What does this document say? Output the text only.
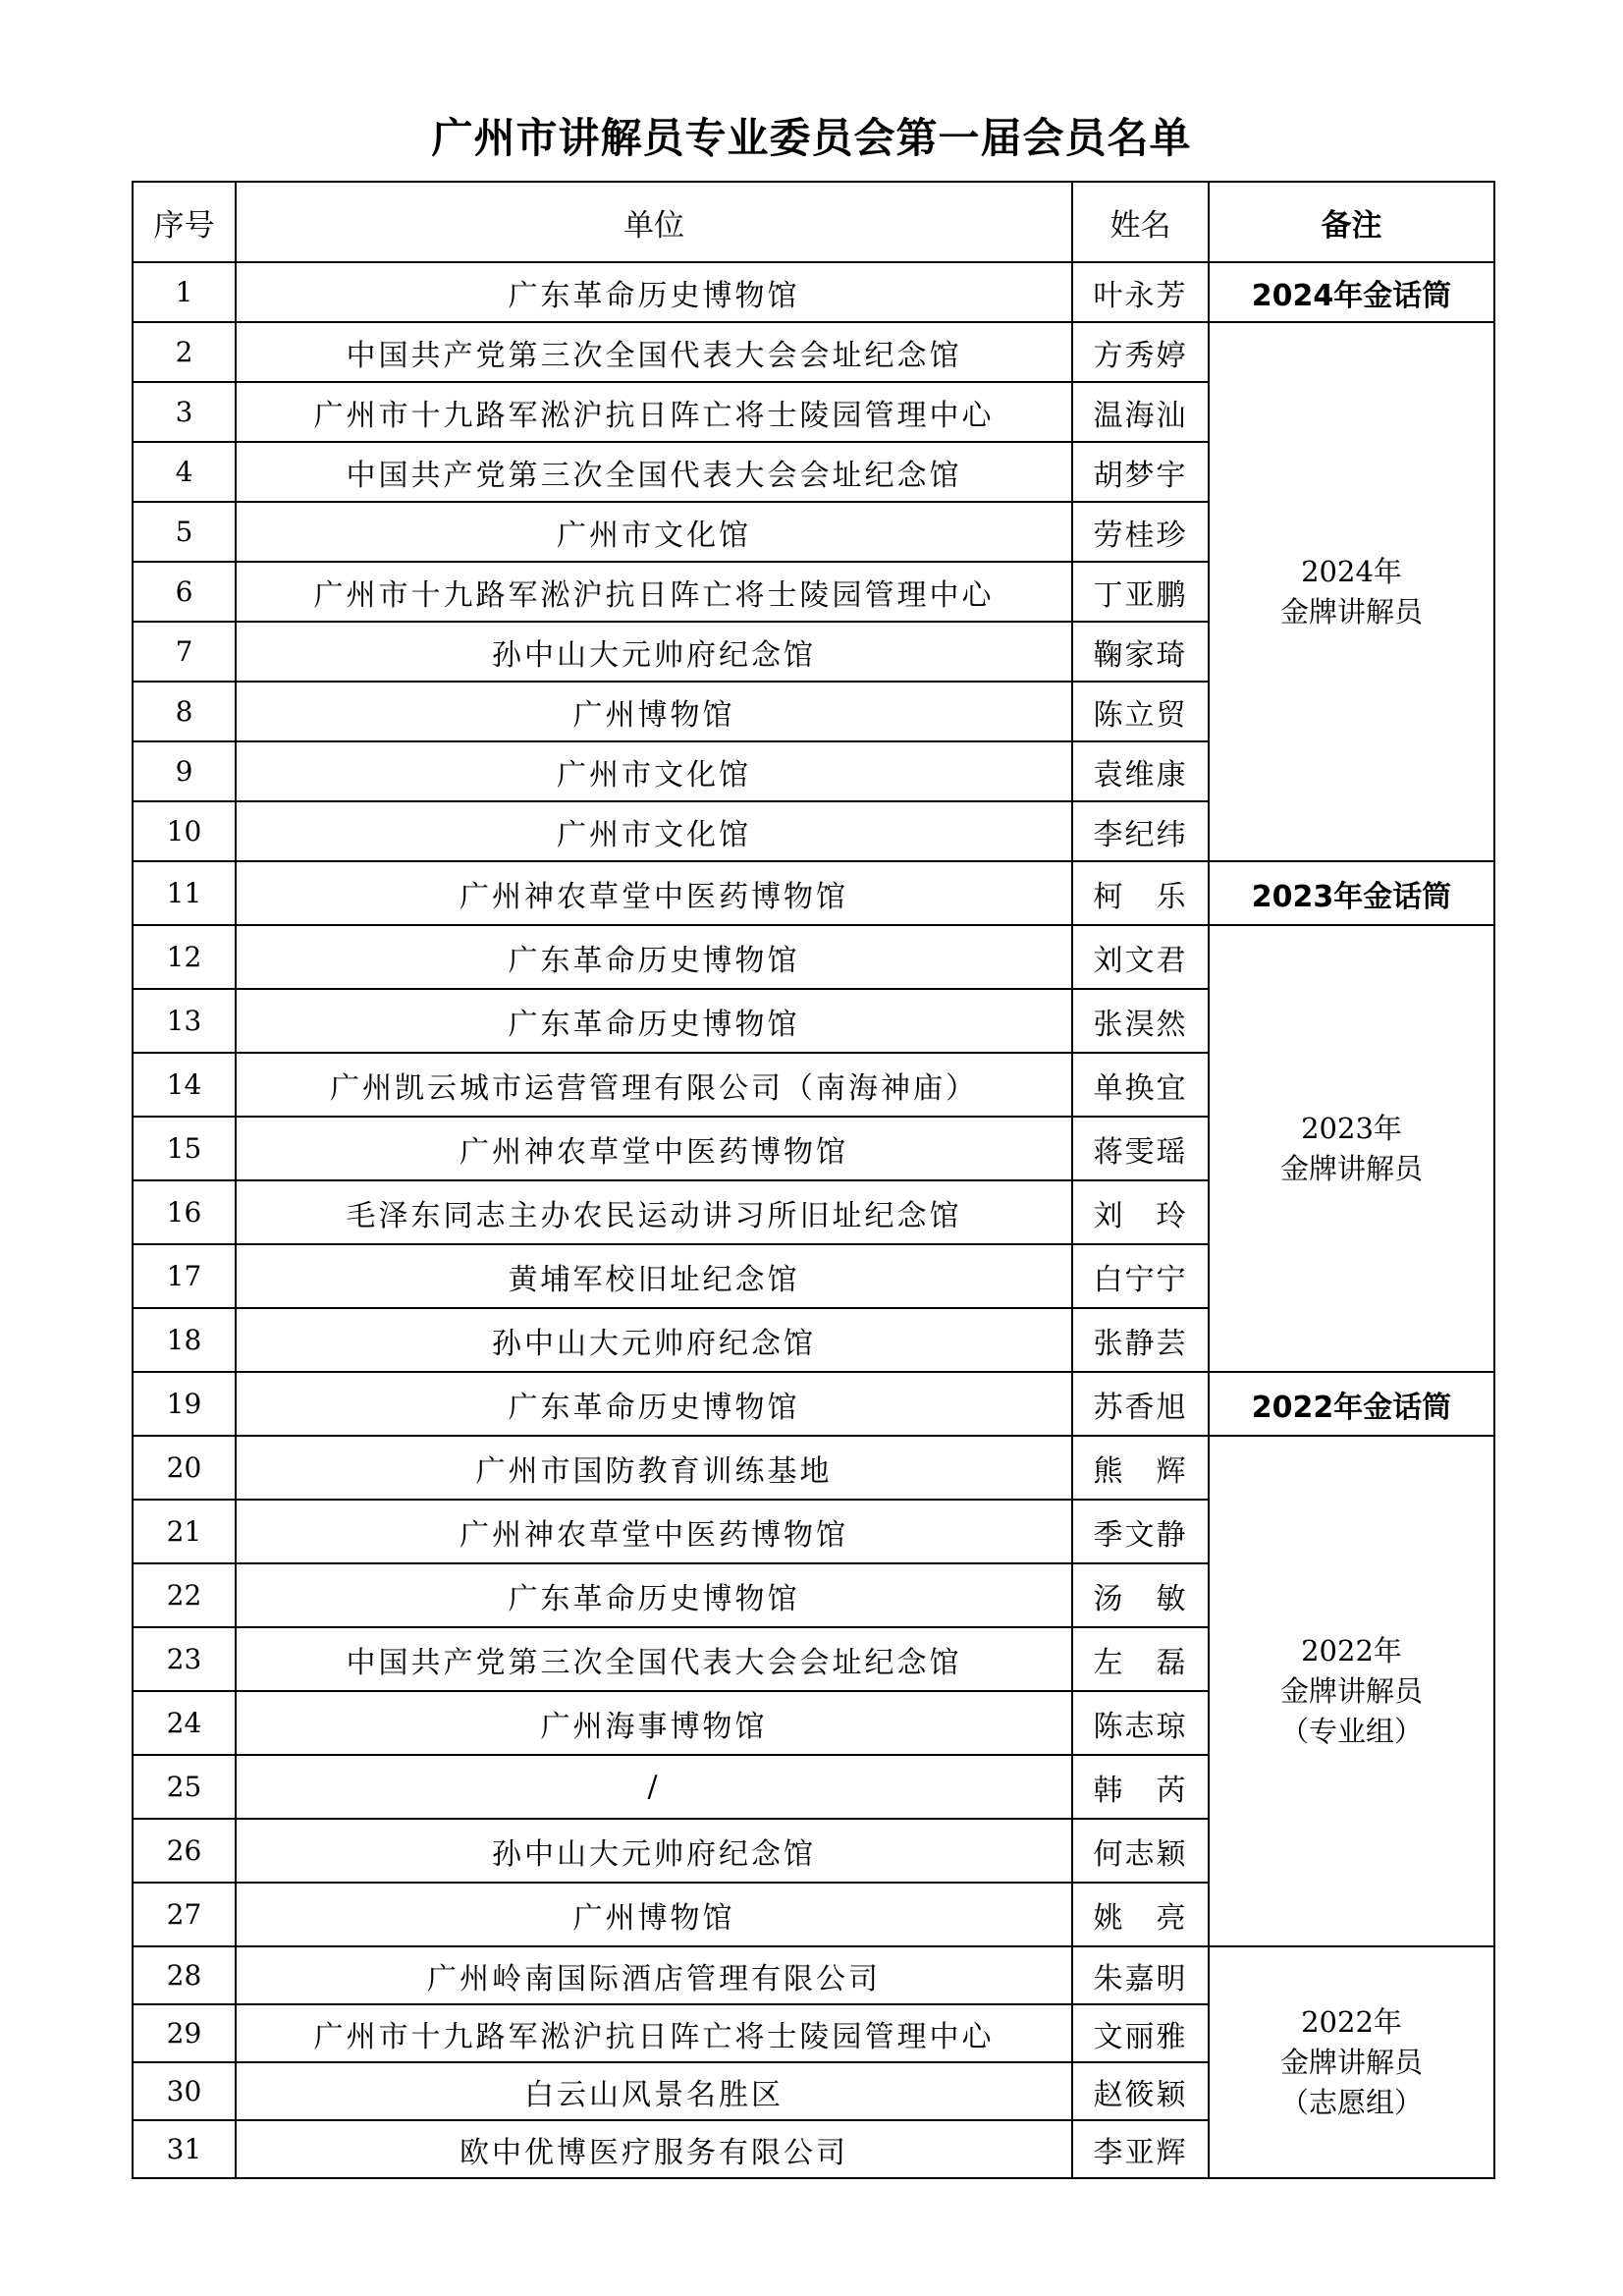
广州市讲解员专业委员会第一届会员名单
序号	单位	姓名	备注
1	广东革命历史博物馆	叶永芳	2024年金话筒
2	中国共产党第三次全国代表大会会址纪念馆	方秀婷	2024年
金牌讲解员

3	广州市十九路军淞沪抗日阵亡将士陵园管理中心	温海汕	
4	中国共产党第三次全国代表大会会址纪念馆	胡梦宇	
5	广州市文化馆	劳桂珍	
6	广州市十九路军淞沪抗日阵亡将士陵园管理中心	丁亚鹏	
7	孙中山大元帅府纪念馆	鞠家琦	
8	广州博物馆	陈立贸	
9	广州市文化馆	袁维康	
10	广州市文化馆	李纪纬	
11	广州神农草堂中医药博物馆	柯　乐	2023年金话筒
12	广东革命历史博物馆	刘文君	2023年
金牌讲解员

13	广东革命历史博物馆	张淏然	
14	广州凯云城市运营管理有限公司（南海神庙）	单换宜	
15	广州神农草堂中医药博物馆	蒋雯瑶	
16	毛泽东同志主办农民运动讲习所旧址纪念馆	刘　玲	
17	黄埔军校旧址纪念馆	白宁宁	
18	孙中山大元帅府纪念馆	张静芸	
19	广东革命历史博物馆	苏香旭	2022年金话筒
20	广州市国防教育训练基地	熊　辉	2022年
金牌讲解员
（专业组）

21	广州神农草堂中医药博物馆	季文静	
22	广东革命历史博物馆	汤　敏	
23	中国共产党第三次全国代表大会会址纪念馆	左　磊	
24	广州海事博物馆	陈志琼	
25	/	韩　芮	
26	孙中山大元帅府纪念馆	何志颖	
27	广州博物馆	姚　亮	
28	广州岭南国际酒店管理有限公司	朱嘉明	2022年
金牌讲解员
（志愿组）

29	广州市十九路军淞沪抗日阵亡将士陵园管理中心	文丽雅	
30	白云山风景名胜区	赵筱颖	
31	欧中优博医疗服务有限公司	李亚辉	
